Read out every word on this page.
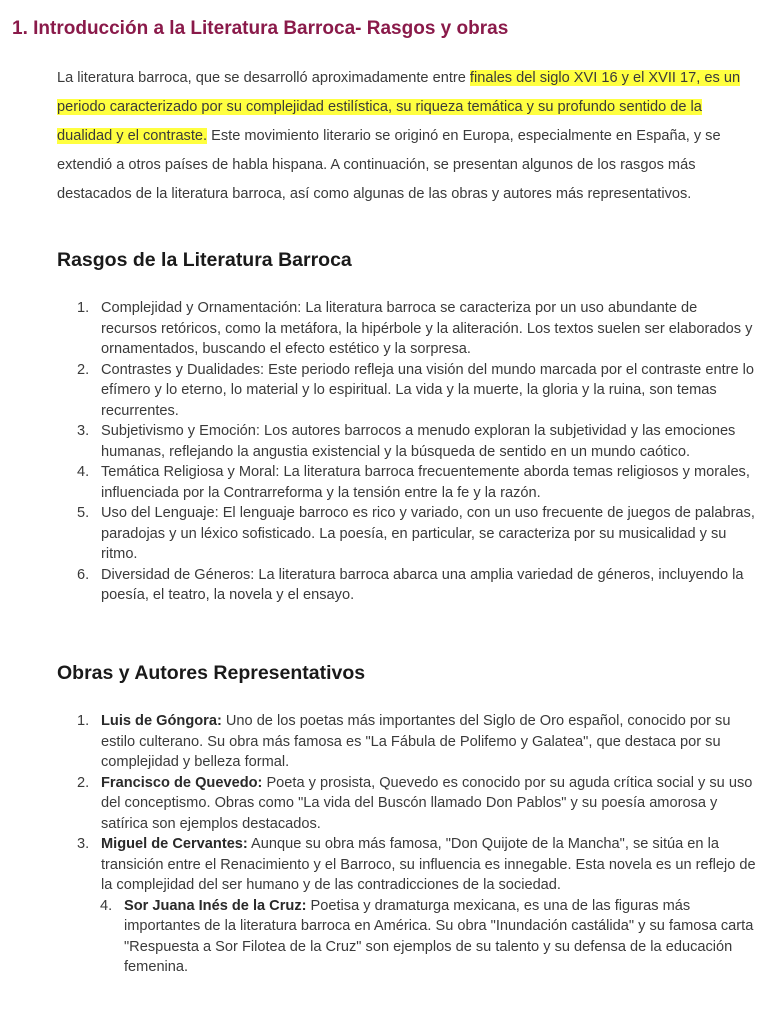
1. Introducción a la Literatura Barroca- Rasgos y obras

La literatura barroca, que se desarrolló aproximadamente entre finales del siglo XVI 16 y el XVII 17, es un periodo caracterizado por su complejidad estilística, su riqueza temática y su profundo sentido de la dualidad y el contraste. Este movimiento literario se originó en Europa, especialmente en España, y se extendió a otros países de habla hispana. A continuación, se presentan algunos de los rasgos más destacados de la literatura barroca, así como algunas de las obras y autores más representativos.

Rasgos de la Literatura Barroca
1. Complejidad y Ornamentación: La literatura barroca se caracteriza por un uso abundante de recursos retóricos, como la metáfora, la hipérbole y la aliteración. Los textos suelen ser elaborados y ornamentados, buscando el efecto estético y la sorpresa.
2. Contrastes y Dualidades: Este periodo refleja una visión del mundo marcada por el contraste entre lo efímero y lo eterno, lo material y lo espiritual. La vida y la muerte, la gloria y la ruina, son temas recurrentes.
3. Subjetivismo y Emoción: Los autores barrocos a menudo exploran la subjetividad y las emociones humanas, reflejando la angustia existencial y la búsqueda de sentido en un mundo caótico.
4. Temática Religiosa y Moral: La literatura barroca frecuentemente aborda temas religiosos y morales, influenciada por la Contrarreforma y la tensión entre la fe y la razón.
5. Uso del Lenguaje: El lenguaje barroco es rico y variado, con un uso frecuente de juegos de palabras, paradojas y un léxico sofisticado. La poesía, en particular, se caracteriza por su musicalidad y su ritmo.
6. Diversidad de Géneros: La literatura barroca abarca una amplia variedad de géneros, incluyendo la poesía, el teatro, la novela y el ensayo.
Obras y Autores Representativos
1. Luis de Góngora: Uno de los poetas más importantes del Siglo de Oro español, conocido por su estilo culterano. Su obra más famosa es "La Fábula de Polifemo y Galatea", que destaca por su complejidad y belleza formal.
2. Francisco de Quevedo: Poeta y prosista, Quevedo es conocido por su aguda crítica social y su uso del conceptismo. Obras como "La vida del Buscón llamado Don Pablos" y su poesía amorosa y satírica son ejemplos destacados.
3. Miguel de Cervantes: Aunque su obra más famosa, "Don Quijote de la Mancha", se sitúa en la transición entre el Renacimiento y el Barroco, su influencia es innegable. Esta novela es un reflejo de la complejidad del ser humano y de las contradicciones de la sociedad.
4. Sor Juana Inés de la Cruz: Poetisa y dramaturga mexicana, es una de las figuras más importantes de la literatura barroca en América. Su obra "Inundación castálida" y su famosa carta "Respuesta a Sor Filotea de la Cruz" son ejemplos de su talento y su defensa de la educación femenina.
